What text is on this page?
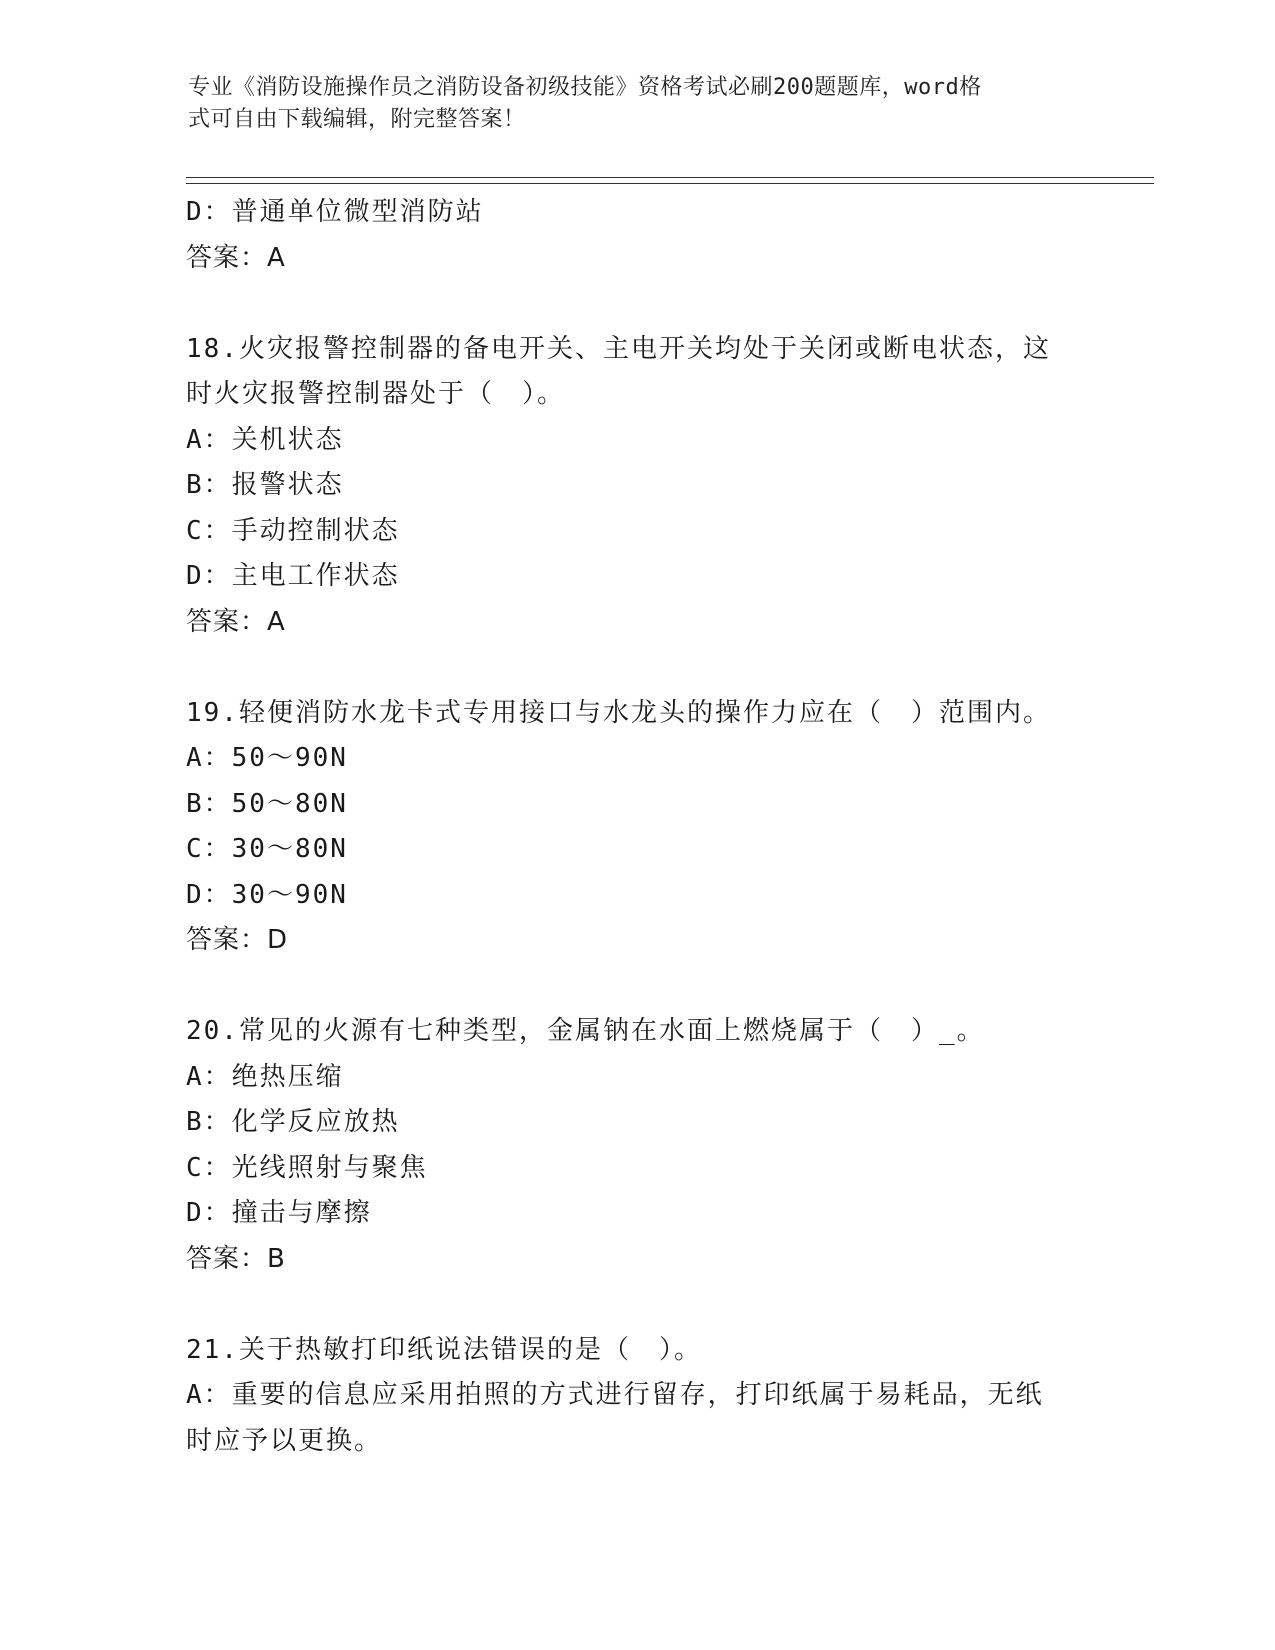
专业《消防设施操作员之消防设备初级技能》资格考试必刷200题题库，word格
式可自由下载编辑，附完整答案！
D：普通单位微型消防站
答案：A
18.火灾报警控制器的备电开关、主电开关均处于关闭或断电状态，这
时火灾报警控制器处于（　）。
A：关机状态
B：报警状态
C：手动控制状态
D：主电工作状态
答案：A
19.轻便消防水龙卡式专用接口与水龙头的操作力应在（　）范围内。
A：50～90N
B：50～80N
C：30～80N
D：30～90N
答案：D
20.常见的火源有七种类型，金属钠在水面上燃烧属于（　）_。
A：绝热压缩
B：化学反应放热
C：光线照射与聚焦
D：撞击与摩擦
答案：B
21.关于热敏打印纸说法错误的是（　）。
A：重要的信息应采用拍照的方式进行留存，打印纸属于易耗品，无纸
时应予以更换。
